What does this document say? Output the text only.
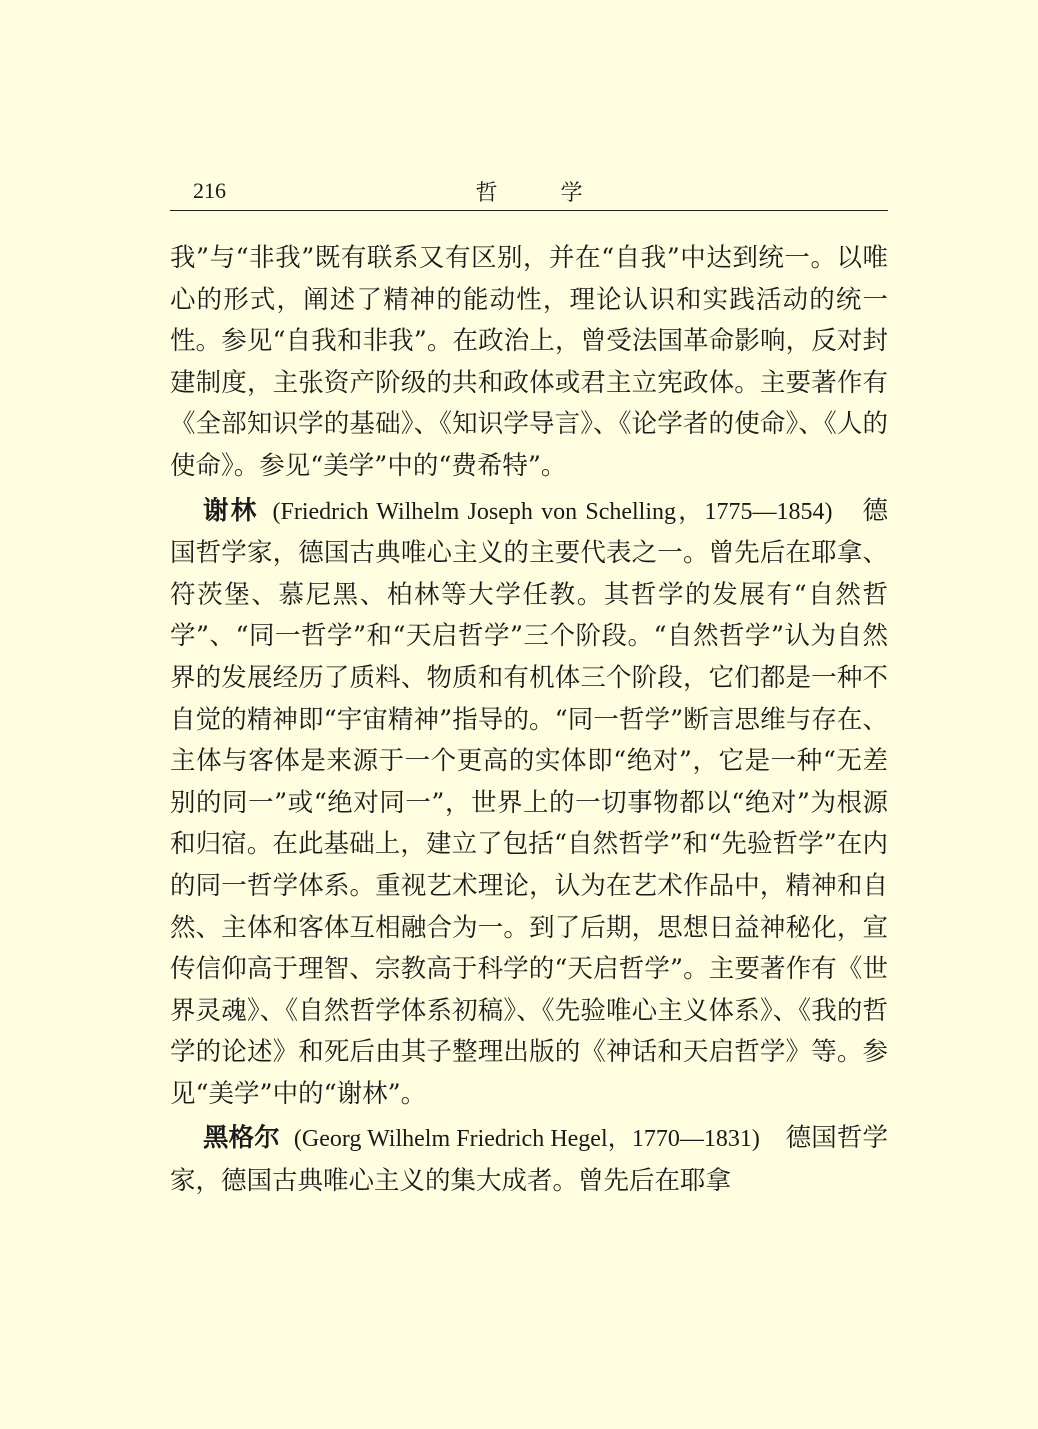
216	哲 学

我”与“非我”既有联系又有区别，并在“自我”中达到统一。以唯心的形式，阐述了精神的能动性，理论认识和实践活动的统一性。参见“自我和非我”。在政治上，曾受法国革命影响，反对封建制度，主张资产阶级的共和政体或君主立宪政体。主要著作有《全部知识学的基础》、《知识学导言》、《论学者的使命》、《人的使命》。参见“美学”中的“费希特”。

谢林 (Friedrich Wilhelm Joseph von Schelling，1775—1854)　 德国哲学家，德国古典唯心主义的主要代表之一。曾先后在耶拿、符茨堡、慕尼黑、柏林等大学任教。其哲学的发展有“自然哲学”、“同一哲学”和“天启哲学”三个阶段。“自然哲学”认为自然界的发展经历了质料、物质和有机体三个阶段，它们都是一种不自觉的精神即“宇宙精神”指导的。“同一哲学”断言思维与存在、主体与客体是来源于一个更高的实体即“绝对”，它是一种“无差别的同一”或“绝对同一”，世界上的一切事物都以“绝对”为根源和归宿。在此基础上，建立了包括“自然哲学”和“先验哲学”在内的同一哲学体系。重视艺术理论，认为在艺术作品中，精神和自然、主体和客体互相融合为一。到了后期，思想日益神秘化，宣传信仰高于理智、宗教高于科学的“天启哲学”。主要著作有《世界灵魂》、《自然哲学体系初稿》、《先验唯心主义体系》、《我的哲学的论述》和死后由其子整理出版的《神话和天启哲学》等。参见“美学”中的“谢林”。

黑格尔 (Georg Wilhelm Friedrich Hegel，1770—1831)　 德国哲学家，德国古典唯心主义的集大成者。曾先后在耶拿
